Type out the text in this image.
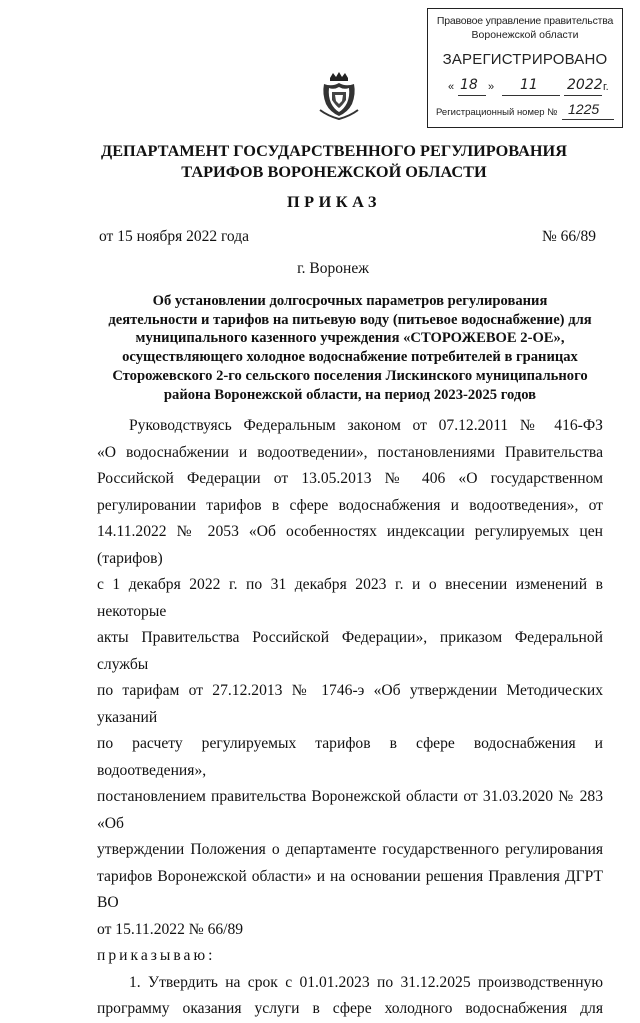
Правовое управление правительства
Воронежской области
ЗАРЕГИСТРИРОВАНО
« 18 » 11 2022 г.
Регистрационный номер № 1225
ДЕПАРТАМЕНТ ГОСУДАРСТВЕННОГО РЕГУЛИРОВАНИЯ
ТАРИФОВ ВОРОНЕЖСКОЙ ОБЛАСТИ
ПРИКАЗ
от 15 ноября 2022 года	№ 66/89
г. Воронеж
Об установлении долгосрочных параметров регулирования
деятельности и тарифов на питьевую воду (питьевое водоснабжение) для
муниципального казенного учреждения «СТОРОЖЕВОЕ 2-ОЕ»,
осуществляющего холодное водоснабжение потребителей в границах
Сторожевского 2-го сельского поселения Лискинского муниципального
района Воронежской области, на период 2023-2025 годов

Руководствуясь Федеральным законом от 07.12.2011 № 416-ФЗ

«О водоснабжении и водоотведении», постановлениями Правительства

Российской Федерации от 13.05.2013 № 406 «О государственном

регулировании тарифов в сфере водоснабжения и водоотведения», от

14.11.2022 № 2053 «Об особенностях индексации регулируемых цен (тарифов)

с 1 декабря 2022 г. по 31 декабря 2023 г. и о внесении изменений в некоторые

акты Правительства Российской Федерации», приказом Федеральной службы

по тарифам от 27.12.2013 № 1746-э «Об утверждении Методических указаний

по расчету регулируемых тарифов в сфере водоснабжения и водоотведения»,

постановлением правительства Воронежской области от 31.03.2020 № 283 «Об

утверждении Положения о департаменте государственного регулирования

тарифов Воронежской области» и на основании решения Правления ДГРТ ВО

от 15.11.2022 № 66/89

приказываю:

1. Утвердить на срок с 01.01.2023 по 31.12.2025 производственную

программу оказания услуги в сфере холодного водоснабжения для
